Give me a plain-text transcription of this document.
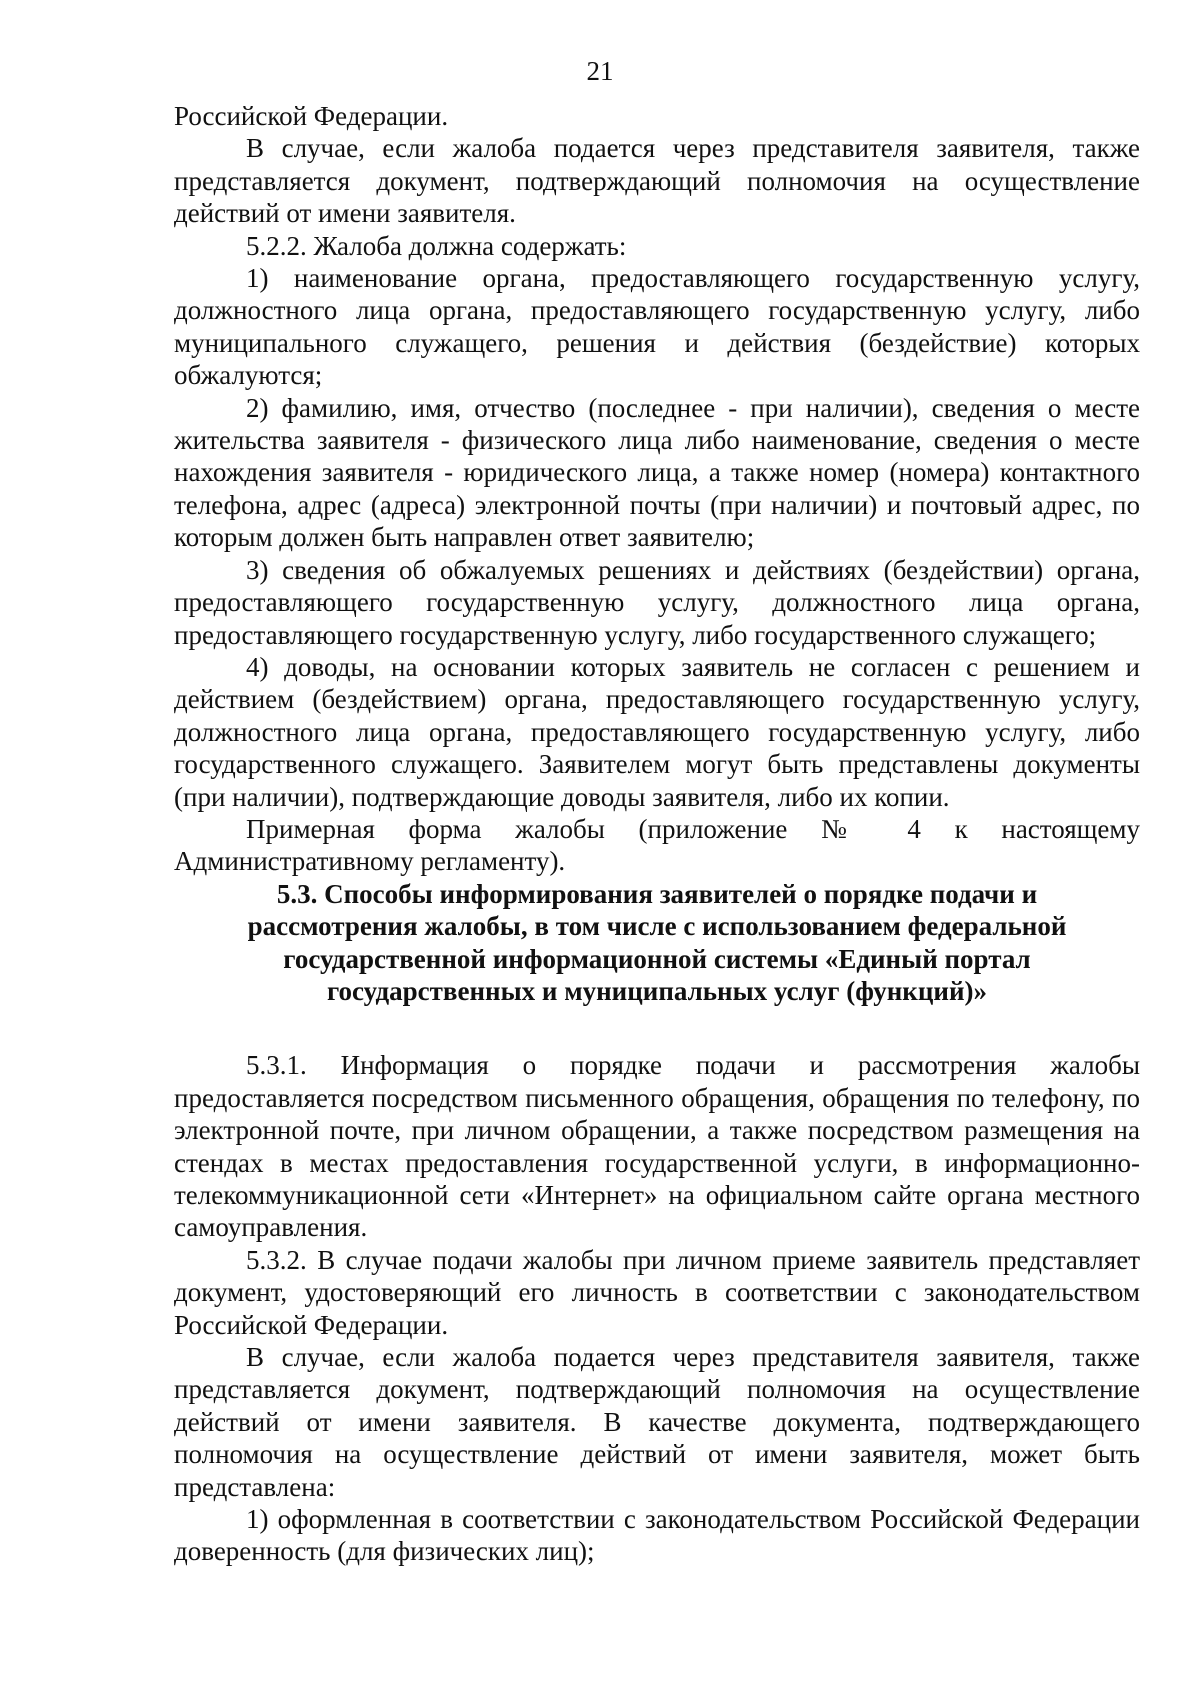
21

Российской Федерации.

В случае, если жалоба подается через представителя заявителя, также представляется документ, подтверждающий полномочия на осуществление действий от имени заявителя.

5.2.2. Жалоба должна содержать:

1) наименование органа, предоставляющего государственную услугу, должностного лица органа, предоставляющего государственную услугу, либо муниципального служащего, решения и действия (бездействие) которых обжалуются;

2) фамилию, имя, отчество (последнее - при наличии), сведения о месте жительства заявителя - физического лица либо наименование, сведения о месте нахождения заявителя - юридического лица, а также номер (номера) контактного телефона, адрес (адреса) электронной почты (при наличии) и почтовый адрес, по которым должен быть направлен ответ заявителю;

3) сведения об обжалуемых решениях и действиях (бездействии) органа, предоставляющего государственную услугу, должностного лица органа, предоставляющего государственную услугу, либо государственного служащего;

4) доводы, на основании которых заявитель не согласен с решением и действием (бездействием) органа, предоставляющего государственную услугу, должностного лица органа, предоставляющего государственную услугу, либо государственного служащего. Заявителем могут быть представлены документы (при наличии), подтверждающие доводы заявителя, либо их копии.

Примерная форма жалобы (приложение № 4 к настоящему Административному регламенту).

5.3. Способы информирования заявителей о порядке подачи и рассмотрения жалобы, в том числе с использованием федеральной государственной информационной системы «Единый портал государственных и муниципальных услуг (функций)»

5.3.1. Информация о порядке подачи и рассмотрения жалобы предоставляется посредством письменного обращения, обращения по телефону, по электронной почте, при личном обращении, а также посредством размещения на стендах в местах предоставления государственной услуги, в информационно-телекоммуникационной сети «Интернет» на официальном сайте органа местного самоуправления.

5.3.2. В случае подачи жалобы при личном приеме заявитель представляет документ, удостоверяющий его личность в соответствии с законодательством Российской Федерации.

В случае, если жалоба подается через представителя заявителя, также представляется документ, подтверждающий полномочия на осуществление действий от имени заявителя. В качестве документа, подтверждающего полномочия на осуществление действий от имени заявителя, может быть представлена:

1) оформленная в соответствии с законодательством Российской Федерации доверенность (для физических лиц);
